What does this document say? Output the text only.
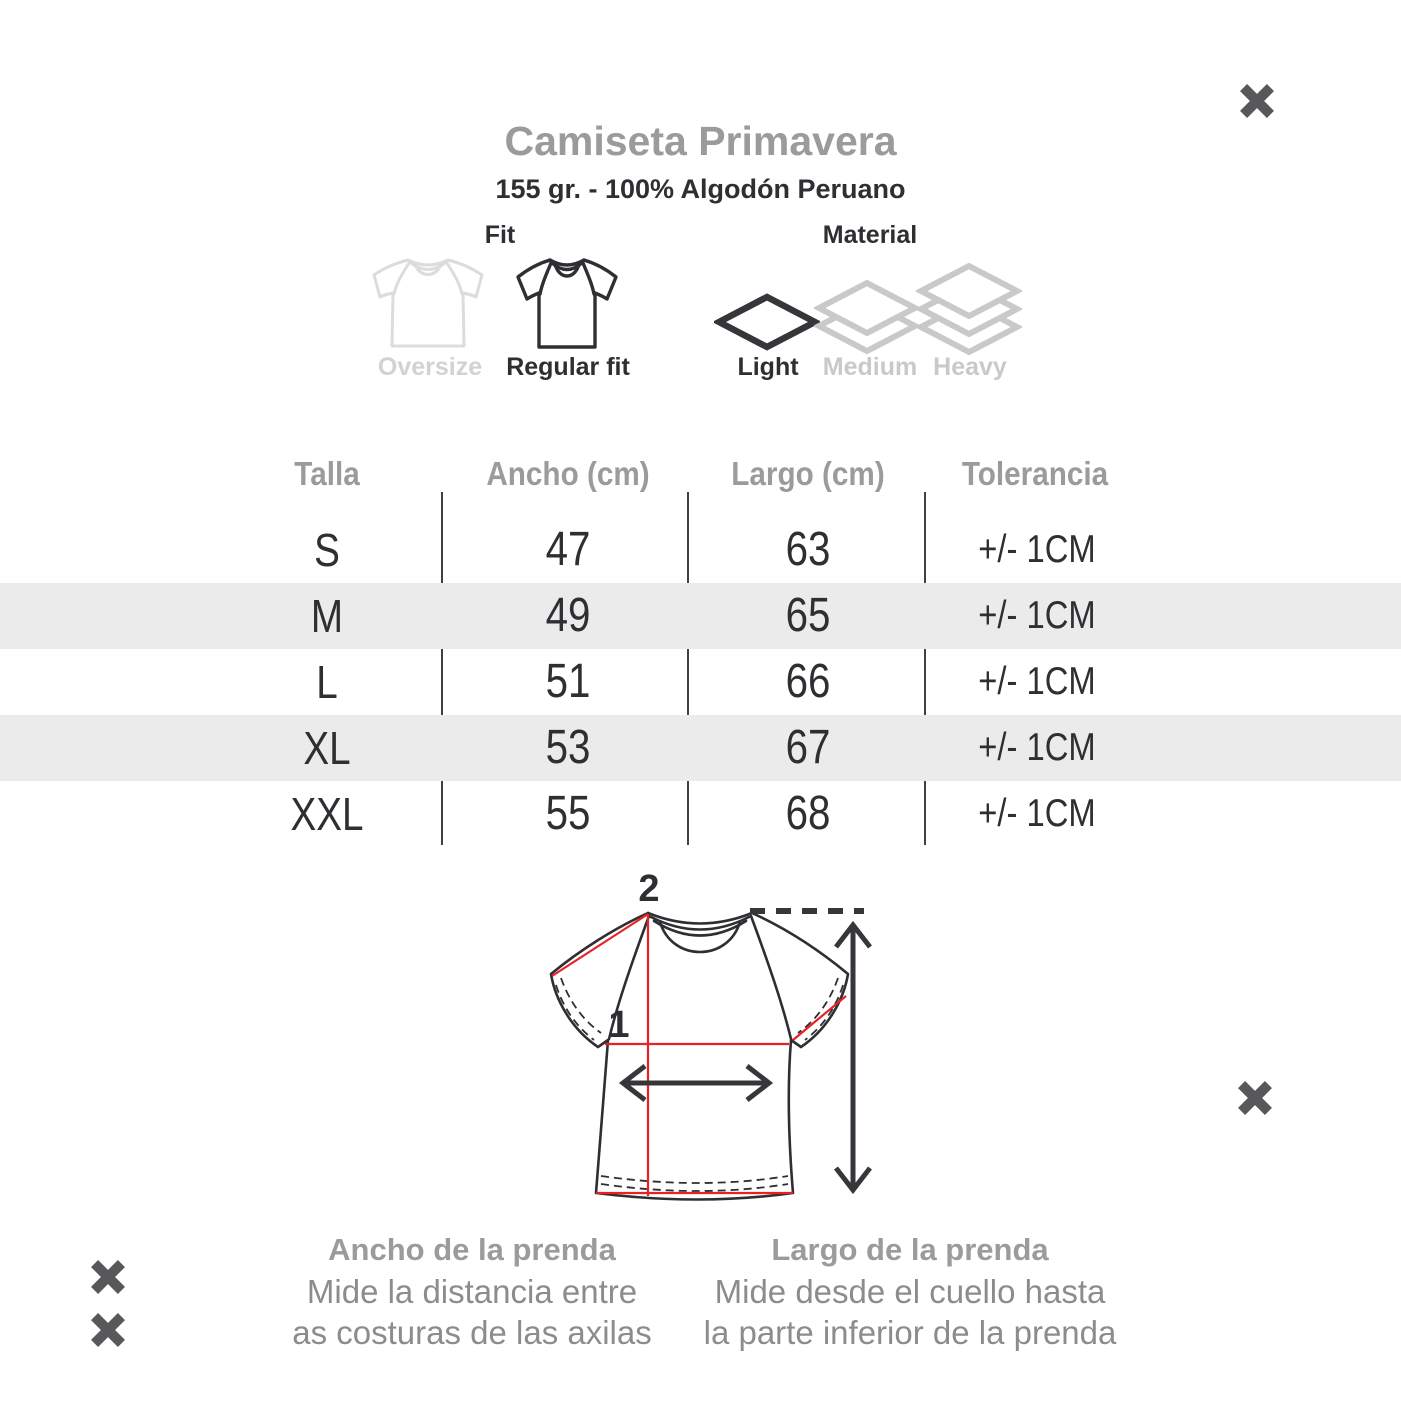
Camiseta Primavera
155 gr. - 100% Algodón Peruano
Fit
Oversize Regular fit
Material
Light Medium Heavy
Talla	Ancho (cm) Largo (cm) Tolerancia
S	47	63	+/- 1CM
M	49	65	+/- 1CM
L	51	66	+/- 1CM
XL	53	67	+/- 1CM
XXL	55	68	+/- 1CM
2
1
Ancho de la prenda
Mide la distancia entre
as costuras de las axilas
Largo de la prenda
Mide desde el cuello hasta
la parte inferior de la prenda
